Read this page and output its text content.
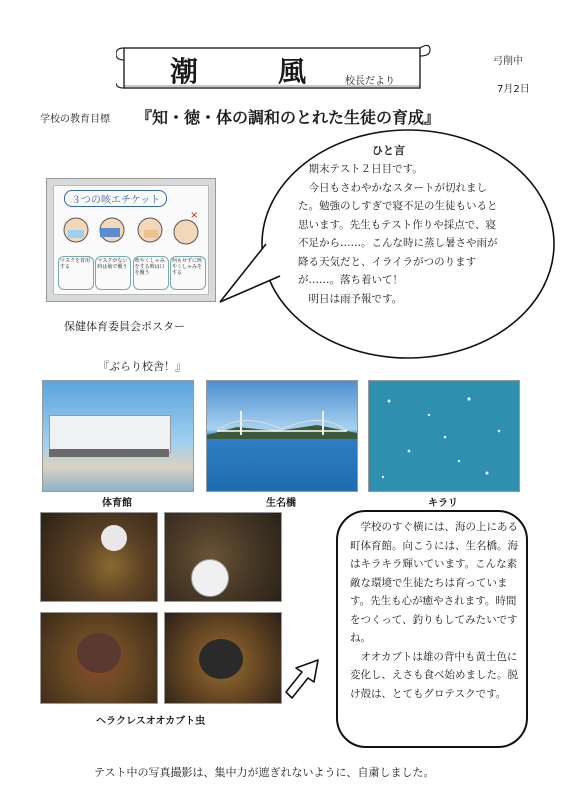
潮　風 校長だより
弓削中
7月2日
学校の教育目標 『知・徳・体の調和のとれた生徒の育成』
３つの咳エチケット
×
マスクを着用する
マスクがない時は袖で覆う
咳やくしゃみをする時は口を覆う
何もせずに咳やくしゃみをする
保健体育委員会ポスター
ひと言

期末テスト２日目です。

今日もさわやかなスタートが切れました。勉強のしすぎで寝不足の生徒もいると思います。先生もテスト作りや採点で、寝不足から……。こんな時に蒸し暑さや雨が降る天気だと、イライラがつのりますが……。落ち着いて！

明日は雨予報です。

『ぶらり校舎！』
体育館	生名橋	キラリ
ヘラクレスオオカブト虫

学校のすぐ横には、海の上にある町体育館。向こうには、生名橋。海はキラキラ輝いています。こんな素敵な環境で生徒たちは育っています。先生も心が癒やされます。時間をつくって、釣りもしてみたいですね。

オオカブトは雄の背中も黄土色に変化し、えさも食べ始めました。脱け殻は、とてもグロテスクです。

テスト中の写真撮影は、集中力が遮ぎれないように、自粛しました。
